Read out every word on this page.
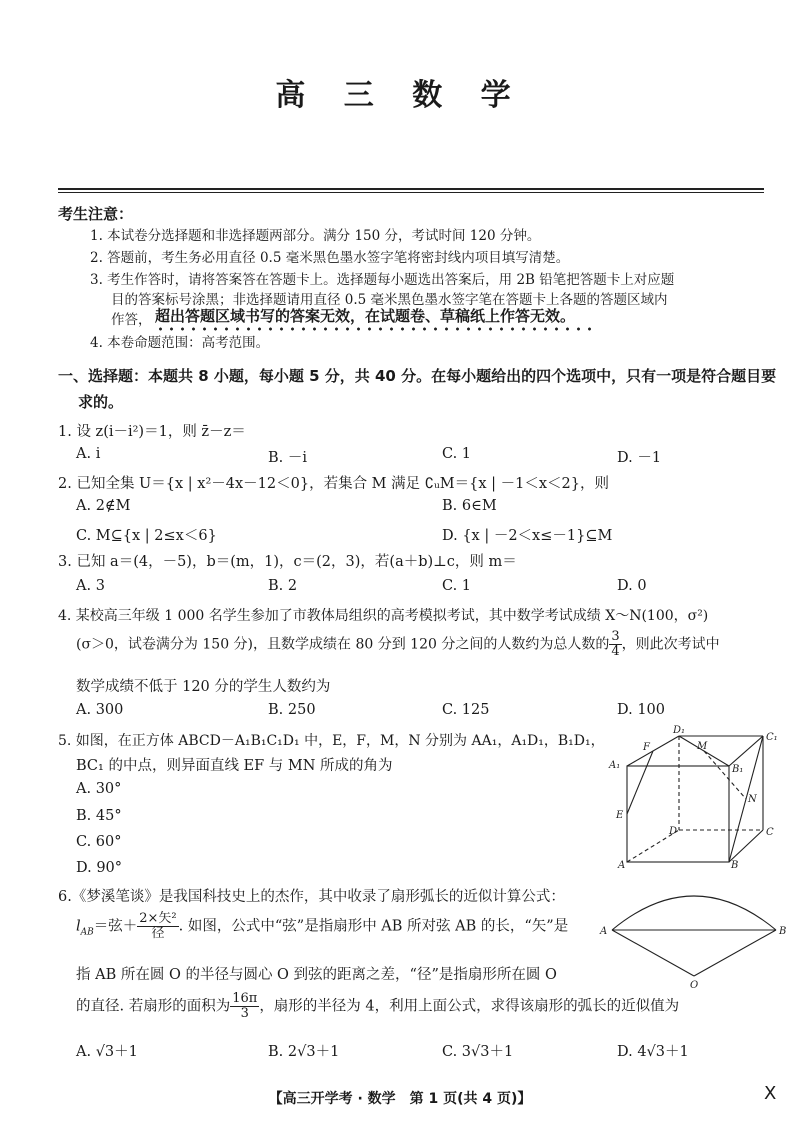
高 三 数 学
考生注意：
1. 本试卷分选择题和非选择题两部分。满分 150 分，考试时间 120 分钟。
2. 答题前，考生务必用直径 0.5 毫米黑色墨水签字笔将密封线内项目填写清楚。
3. 考生作答时，请将答案答在答题卡上。选择题每小题选出答案后，用 2B 铅笔把答题卡上对应题
目的答案标号涂黑；非选择题请用直径 0.5 毫米黑色墨水签字笔在答题卡上各题的答题区域内
作答， 超出答题区域书写的答案无效，在试题卷、草稿纸上作答无效。
4. 本卷命题范围：高考范围。
一、选择题：本题共 8 小题，每小题 5 分，共 40 分。在每小题给出的四个选项中，只有一项是符合题目要
求的。
1. 设 z(i－i²)＝1，则 z̄－z＝
A. i	B. －i	C. 1	D. －1
2. 已知全集 U＝{x | x²－4x－12＜0}，若集合 M 满足 ∁ᵤM＝{x | －1＜x＜2}，则
A. 2∉M	B. 6∈M
C. M⊆{x | 2≤x＜6}	D. {x | －2＜x≤－1}⊆M
3. 已知 a＝(4，－5)，b＝(m，1)，c＝(2，3)，若(a＋b)⊥c，则 m＝
A. 3	B. 2	C. 1	D. 0
4. 某校高三年级 1 000 名学生参加了市教体局组织的高考模拟考试，其中数学考试成绩 X～N(100，σ²)
(σ＞0，试卷满分为 150 分)，且数学成绩在 80 分到 120 分之间的人数约为总人数的 $\frac{3}{4}$ ，则此次考试中
数学成绩不低于 120 分的学生人数约为
A. 300	B. 250	C. 125	D. 100
5. 如图，在正方体 ABCD－A₁B₁C₁D₁ 中，E，F，M，N 分别为 AA₁，A₁D₁，B₁D₁，
BC₁ 的中点，则异面直线 EF 与 MN 所成的角为
A. 30°
B. 45°
C. 60°
D. 90°
D₁
C₁
A₁	B₁
F	M
N
E
D	C
A	B
6.《梦溪笔谈》是我国科技史上的杰作，其中收录了扇形弧长的近似计算公式：
$l_{AB}=$弦＋ $\frac{\text{2×矢²}}{\text{径}}$ . 如图，公式中“弦”是指扇形中 AB 所对弦 AB 的长，“矢”是
指 AB 所在圆 O 的半径与圆心 O 到弦的距离之差，“径”是指扇形所在圆 O
的直径. 若扇形的面积为 $\frac{16\pi}{3}$ ，扇形的半径为 4，利用上面公式，求得该扇形的弧长的近似值为
A. √3＋1	B. 2√3＋1	C. 3√3＋1	D. 4√3＋1
A	B
O
【高三开学考 · 数学　第 1 页(共 4 页)】	X
